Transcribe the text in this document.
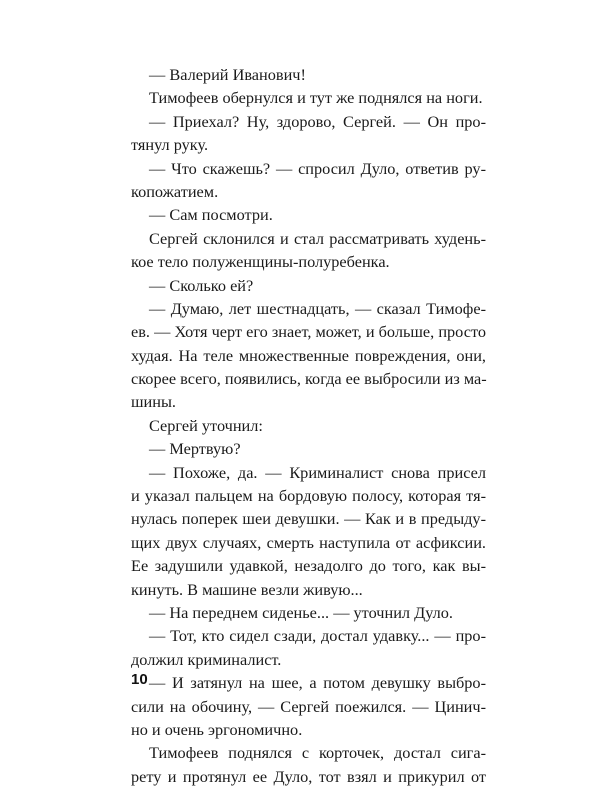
— Валерий Иванович!
Тимофеев обернулся и тут же поднялся на ноги.
— Приехал? Ну, здорово, Сергей. — Он про-
тянул руку.
— Что скажешь? — спросил Дуло, ответив ру-
копожатием.
— Сам посмотри.
Сергей склонился и стал рассматривать худень-
кое тело полуженщины-полуребенка.
— Сколько ей?
— Думаю, лет шестнадцать, — сказал Тимофе-
ев. — Хотя черт его знает, может, и больше, просто
худая. На теле множественные повреждения, они,
скорее всего, появились, когда ее выбросили из ма-
шины.
Сергей уточнил:
— Мертвую?
— Похоже, да. — Криминалист снова присел
и указал пальцем на бордовую полосу, которая тя-
нулась поперек шеи девушки. — Как и в предыду-
щих двух случаях, смерть наступила от асфиксии.
Ее задушили удавкой, незадолго до того, как вы-
кинуть. В машине везли живую...
— На переднем сиденье... — уточнил Дуло.
— Тот, кто сидел сзади, достал удавку... — про-
должил криминалист.
— И затянул на шее, а потом девушку выбро-
сили на обочину, — Сергей поежился. — Цинич-
но и очень эргономично.
Тимофеев поднялся с корточек, достал сига-
рету и протянул ее Дуло, тот взял и прикурил от
10
